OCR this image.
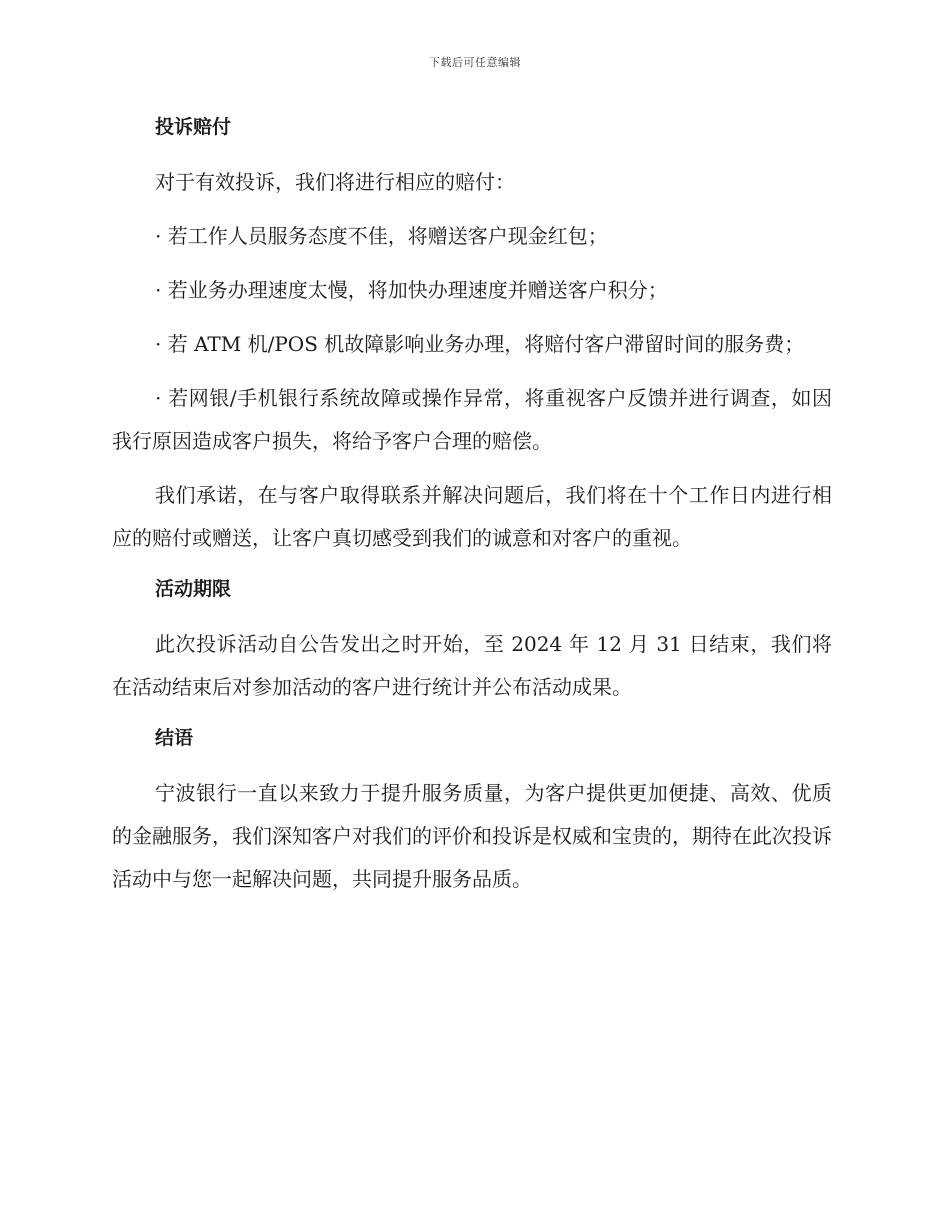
下载后可任意编辑
投诉赔付

对于有效投诉，我们将进行相应的赔付：

· 若工作人员服务态度不佳，将赠送客户现金红包；

· 若业务办理速度太慢，将加快办理速度并赠送客户积分；

· 若 ATM 机/POS 机故障影响业务办理，将赔付客户滞留时间的服务费；

· 若网银/手机银行系统故障或操作异常，将重视客户反馈并进行调查，如因我行原因造成客户损失，将给予客户合理的赔偿。

我们承诺，在与客户取得联系并解决问题后，我们将在十个工作日内进行相应的赔付或赠送，让客户真切感受到我们的诚意和对客户的重视。

活动期限

此次投诉活动自公告发出之时开始，至 2024 年 12 月 31 日结束，我们将在活动结束后对参加活动的客户进行统计并公布活动成果。

结语

宁波银行一直以来致力于提升服务质量，为客户提供更加便捷、高效、优质的金融服务，我们深知客户对我们的评价和投诉是权威和宝贵的，期待在此次投诉活动中与您一起解决问题，共同提升服务品质。
